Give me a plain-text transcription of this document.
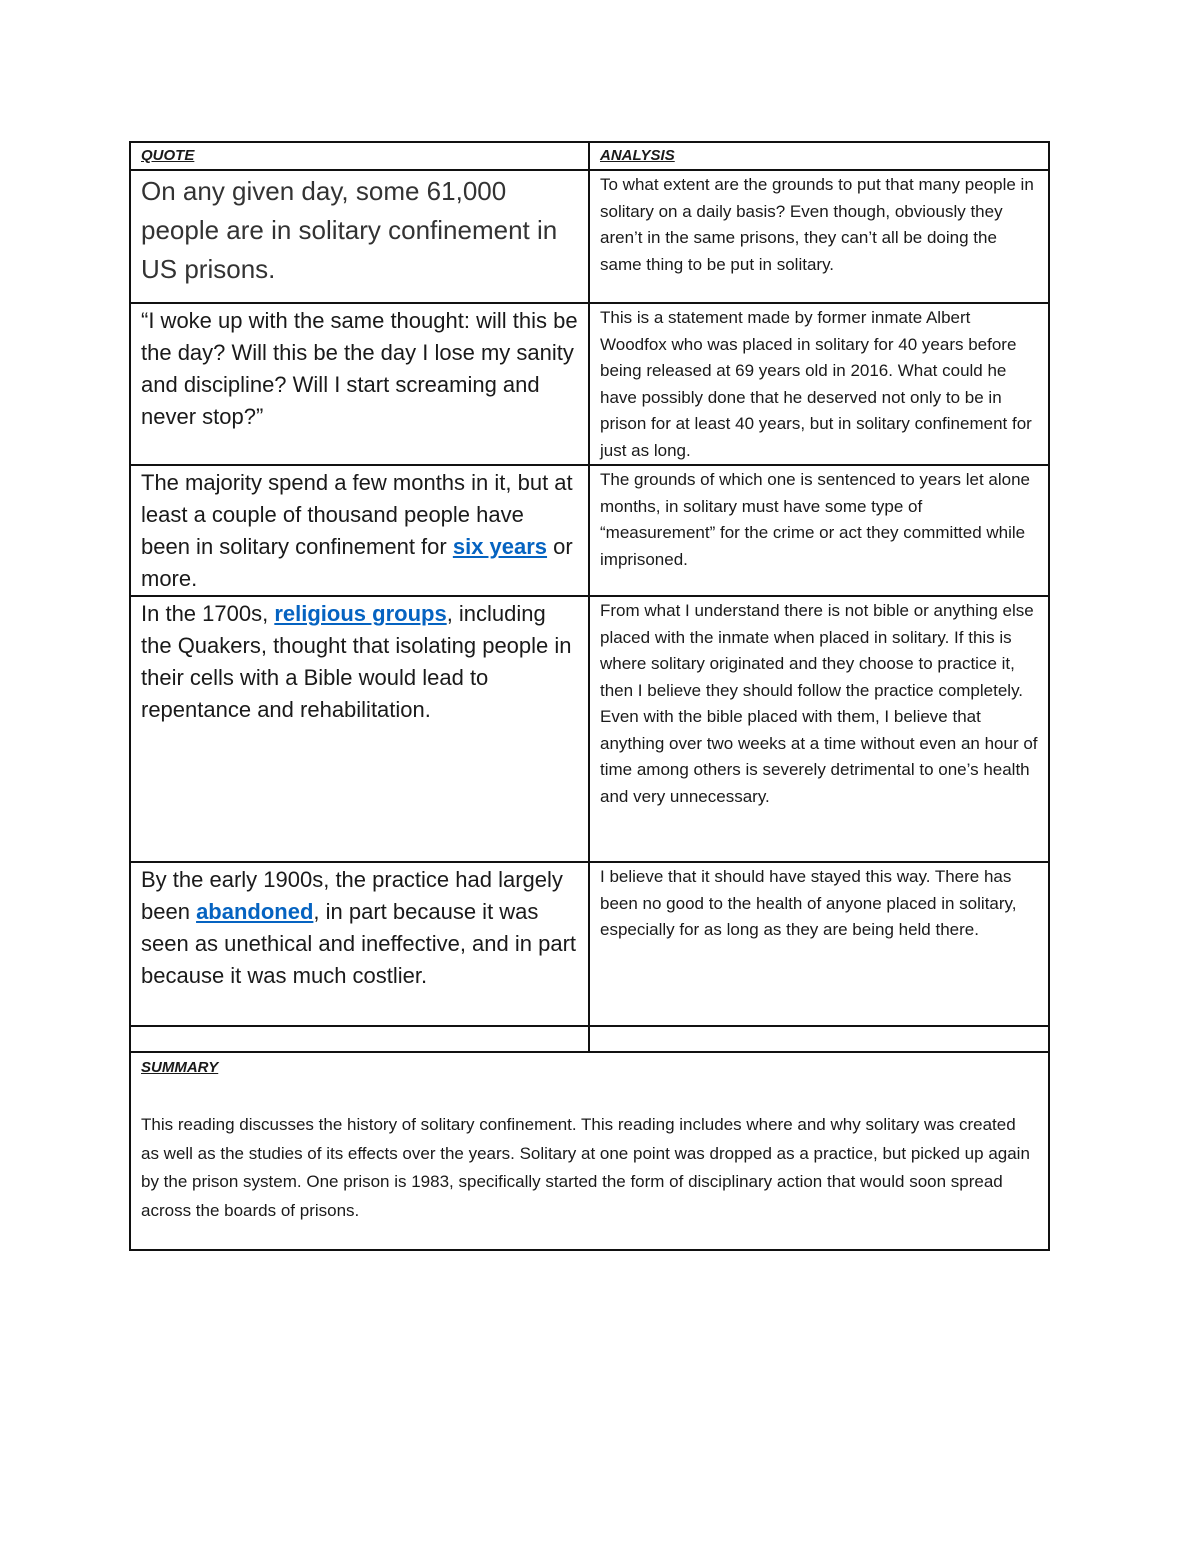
QUOTE	ANALYSIS

On any given day, some 61,000 people are in solitary confinement in US prisons.	To what extent are the grounds to put that many people in solitary on a daily basis? Even though, obviously they aren’t in the same prisons, they can’t all be doing the same thing to be put in solitary.

“I woke up with the same thought: will this be the day? Will this be the day I lose my sanity and discipline? Will I start screaming and never stop?”	This is a statement made by former inmate Albert Woodfox who was placed in solitary for 40 years before being released at 69 years old in 2016. What could he have possibly done that he deserved not only to be in prison for at least 40 years, but in solitary confinement for just as long.

The majority spend a few months in it, but at least a couple of thousand people have been in solitary confinement for six years or more.	The grounds of which one is sentenced to years let alone months, in solitary must have some type of “measurement” for the crime or act they committed while imprisoned.

In the 1700s, religious groups, including the Quakers, thought that isolating people in their cells with a Bible would lead to repentance and rehabilitation.	From what I understand there is not bible or anything else placed with the inmate when placed in solitary. If this is where solitary originated and they choose to practice it, then I believe they should follow the practice completely. Even with the bible placed with them, I believe that anything over two weeks at a time without even an hour of time among others is severely detrimental to one’s health and very unnecessary.

By the early 1900s, the practice had largely been abandoned, in part because it was seen as unethical and ineffective, and in part because it was much costlier.	I believe that it should have stayed this way. There has been no good to the health of anyone placed in solitary, especially for as long as they are being held there.

SUMMARY
This reading discusses the history of solitary confinement. This reading includes where and why solitary was created as well as the studies of its effects over the years. Solitary at one point was dropped as a practice, but picked up again by the prison system. One prison is 1983, specifically started the form of disciplinary action that would soon spread across the boards of prisons.	
